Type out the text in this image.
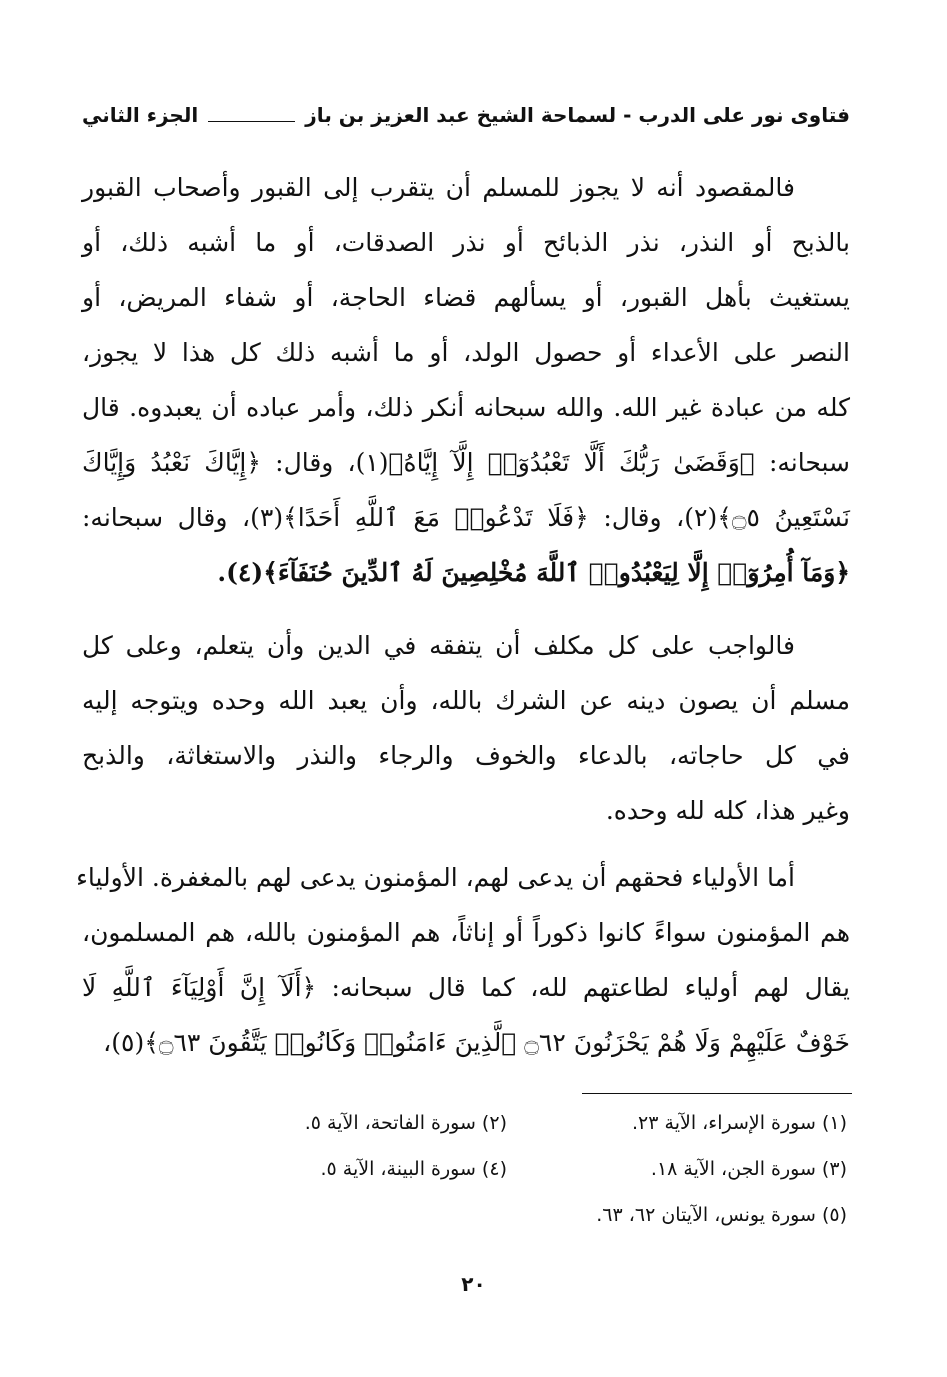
فتاوى نور على الدرب - لسماحة الشيخ عبد العزيز بن باز
الجزء الثاني
فالمقصود أنه لا يجوز للمسلم أن يتقرب إلى القبور وأصحاب القبور
بالذبح أو النذر، نذر الذبائح أو نذر الصدقات، أو ما أشبه ذلك، أو
يستغيث بأهل القبور، أو يسألهم قضاء الحاجة، أو شفاء المريض، أو
النصر على الأعداء أو حصول الولد، أو ما أشبه ذلك كل هذا لا يجوز،
كله من عبادة غير الله. والله سبحانه أنكر ذلك، وأمر عباده أن يعبدوه. قال
سبحانه: ﴿وَقَضَىٰ رَبُّكَ أَلَّا تَعْبُدُوٓا۟ إِلَّآ إِيَّاهُ﴾(١)، وقال: ﴿إِيَّاكَ نَعْبُدُ وَإِيَّاكَ
نَسْتَعِينُ ۝٥﴾(٢)، وقال: ﴿فَلَا تَدْعُوا۟ مَعَ ٱللَّهِ أَحَدًا﴾(٣)، وقال سبحانه:
﴿وَمَآ أُمِرُوٓا۟ إِلَّا لِيَعْبُدُوا۟ ٱللَّهَ مُخْلِصِينَ لَهُ ٱلدِّينَ حُنَفَآءَ﴾(٤).
فالواجب على كل مكلف أن يتفقه في الدين وأن يتعلم، وعلى كل
مسلم أن يصون دينه عن الشرك بالله، وأن يعبد الله وحده ويتوجه إليه
في كل حاجاته، بالدعاء والخوف والرجاء والنذر والاستغاثة، والذبح
وغير هذا، كله لله وحده.
أما الأولياء فحقهم أن يدعى لهم، المؤمنون يدعى لهم بالمغفرة. الأولياء
هم المؤمنون سواءً كانوا ذكوراً أو إناثاً، هم المؤمنون بالله، هم المسلمون،
يقال لهم أولياء لطاعتهم لله، كما قال سبحانه: ﴿أَلَآ إِنَّ أَوْلِيَآءَ ٱللَّهِ لَا
خَوْفٌ عَلَيْهِمْ وَلَا هُمْ يَحْزَنُونَ ۝٦٢ ٱلَّذِينَ ءَامَنُوا۟ وَكَانُوا۟ يَتَّقُونَ ۝٦٣﴾(٥)،
(١) سورة الإسراء، الآية ٢٣.
(٢) سورة الفاتحة، الآية ٥.
(٣) سورة الجن، الآية ١٨.
(٤) سورة البينة، الآية ٥.
(٥) سورة يونس، الآيتان ٦٢، ٦٣.
٢٠
